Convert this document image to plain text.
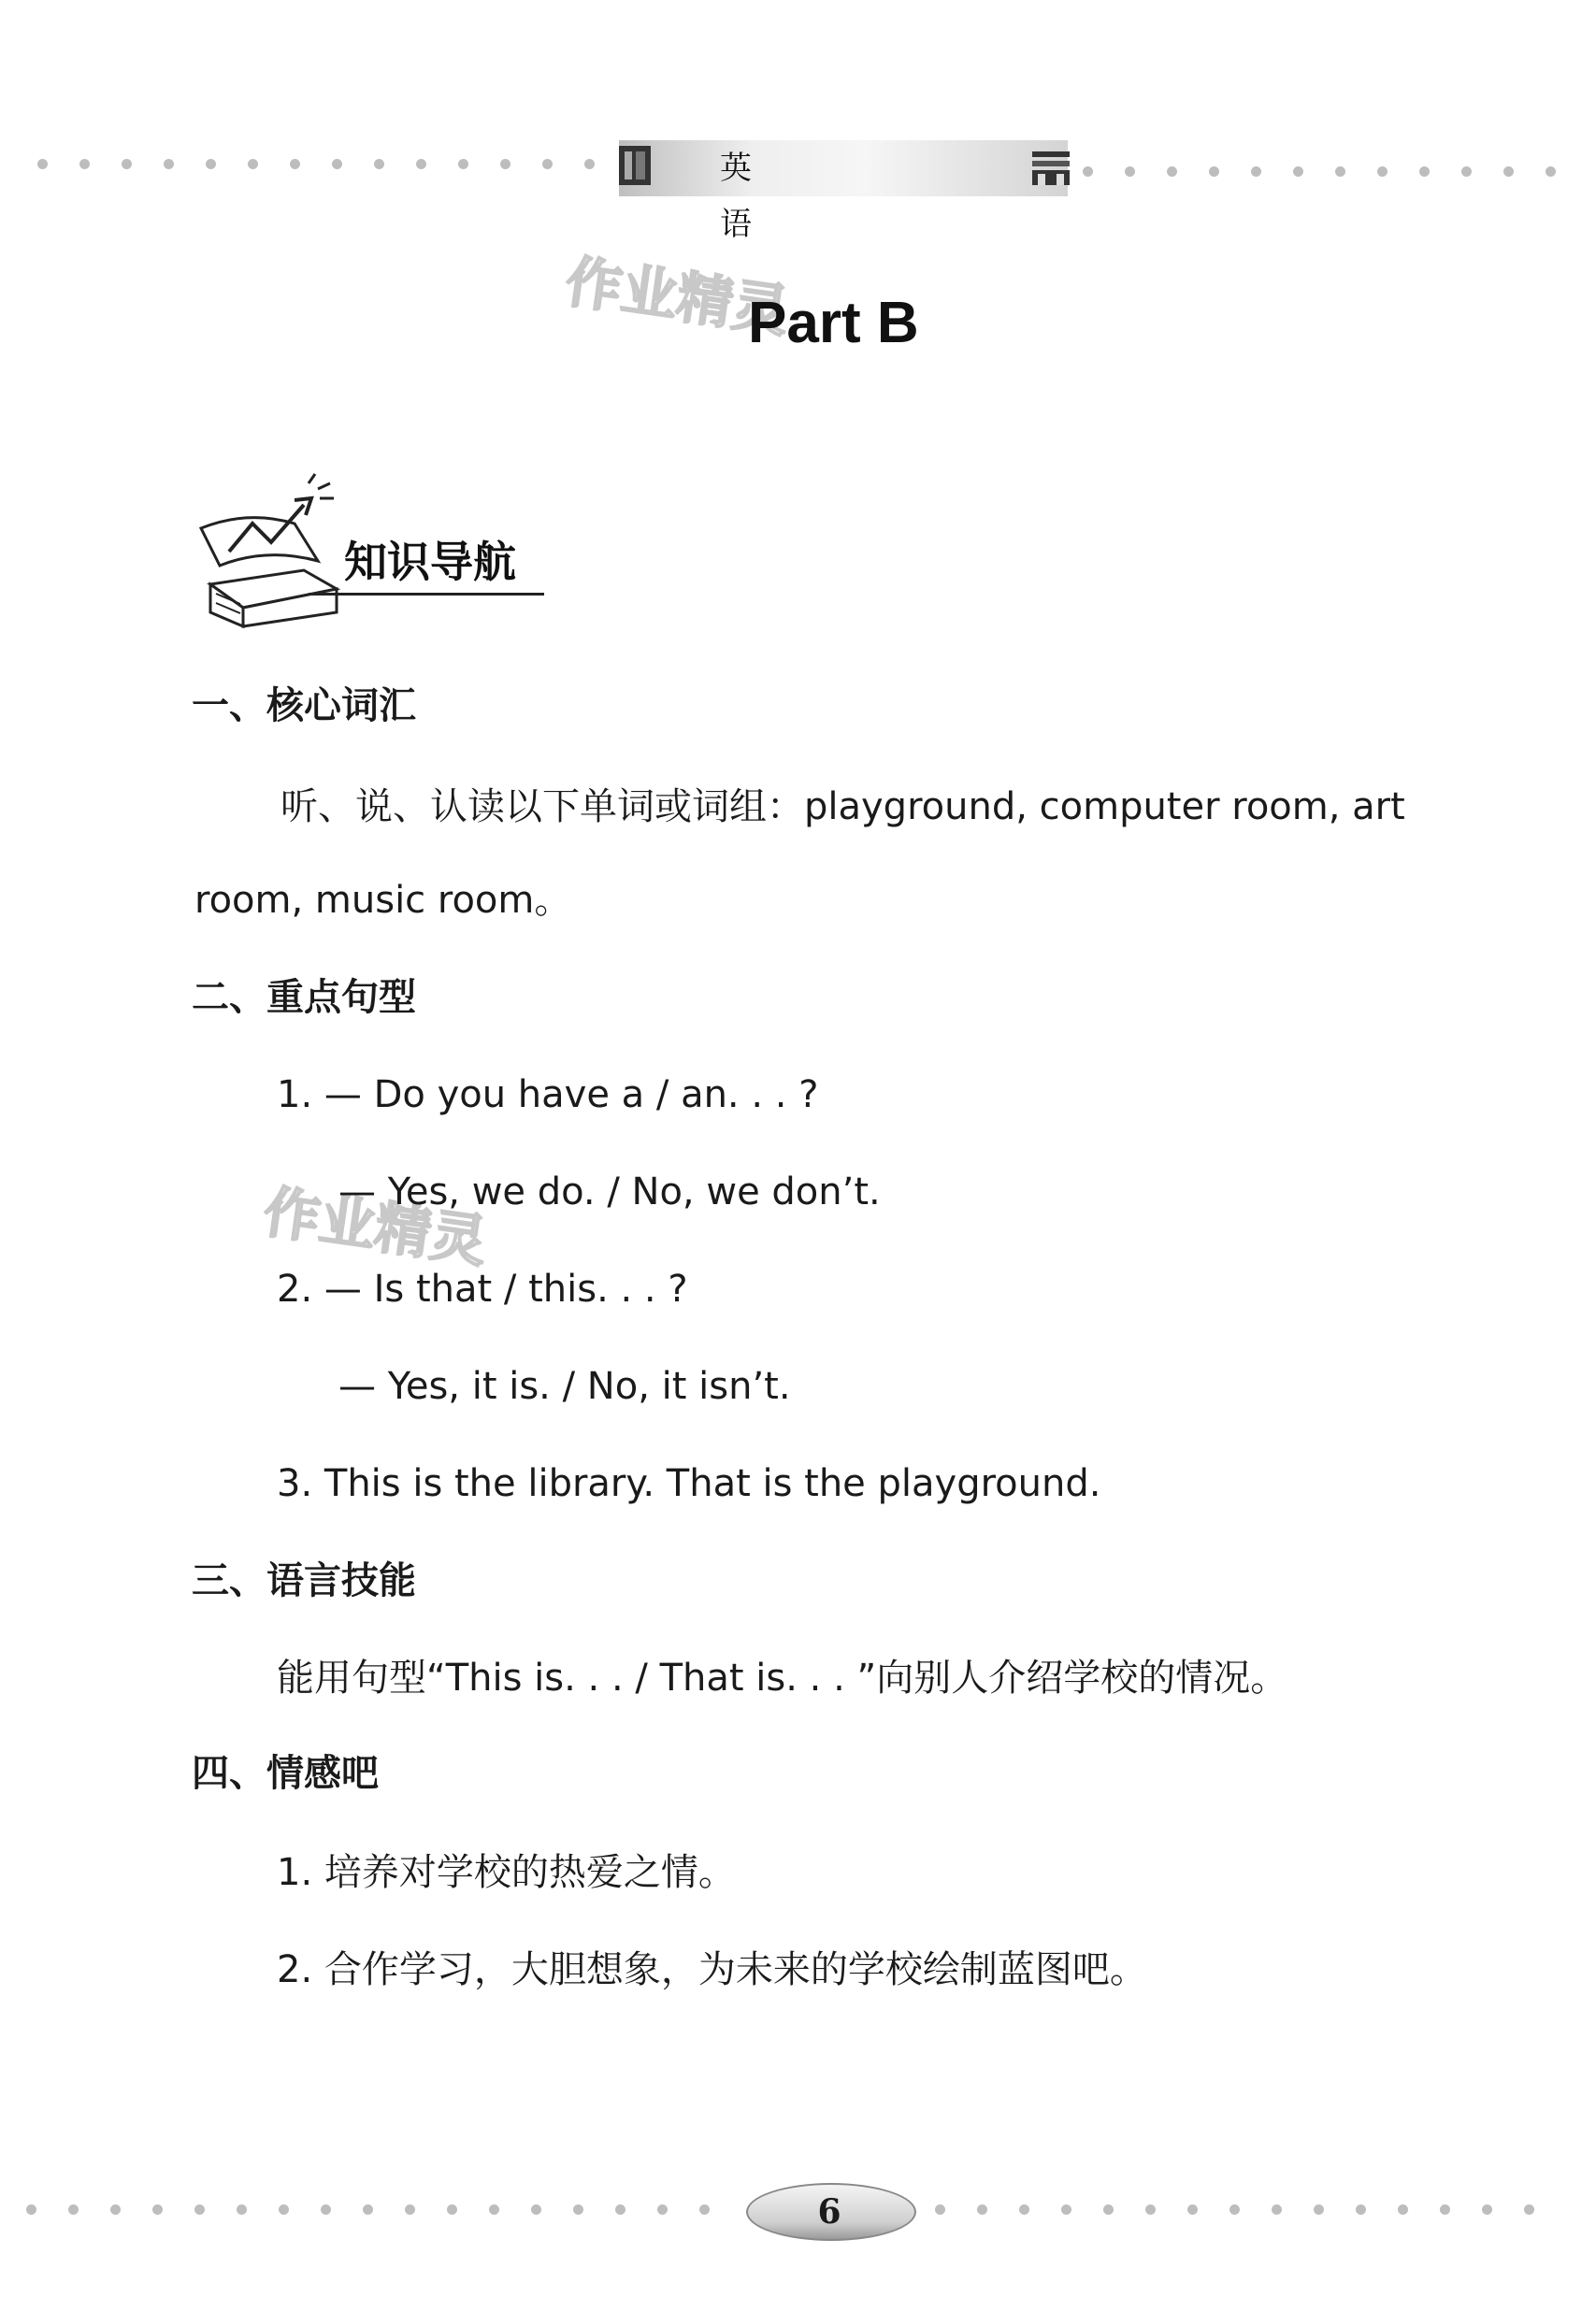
英 语
作业精灵
作业精灵
Part B
知识导航
一、核心词汇
听、说、认读以下单词或词组：playground, computer room, art
room, music room。
二、重点句型
1. — Do you have a / an. . . ?
— Yes, we do. / No, we don’t.
2. — Is that / this. . . ?
— Yes, it is. / No, it isn’t.
3. This is the library. That is the playground.
三、语言技能
能用句型“This is. . . / That is. . . ”向别人介绍学校的情况。
四、情感吧
1. 培养对学校的热爱之情。
2. 合作学习，大胆想象，为未来的学校绘制蓝图吧。
6
